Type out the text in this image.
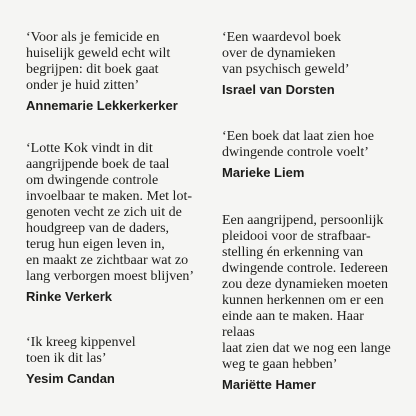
‘Voor als je femicide en
huiselijk geweld echt wilt
begrijpen: dit boek gaat
onder je huid zitten’

Annemarie Lekkerkerker

‘Lotte Kok vindt in dit
aangrijpende boek de taal
om dwingende controle
invoelbaar te maken. Met lot-
genoten vecht ze zich uit de
houdgreep van de daders,
terug hun eigen leven in,
en maakt ze zichtbaar wat zo
lang verborgen moest blijven’

Rinke Verkerk

‘Ik kreeg kippenvel
toen ik dit las’

Yesim Candan

‘Een waardevol boek
over de dynamieken
van psychisch geweld’

Israel van Dorsten

‘Een boek dat laat zien hoe
dwingende controle voelt’

Marieke Liem

Een aangrijpend, persoonlijk
pleidooi voor de strafbaar-
stelling én erkenning van
dwingende controle. Iedereen
zou deze dynamieken moeten
kunnen herkennen om er een
einde aan te maken. Haar relaas
laat zien dat we nog een lange
weg te gaan hebben’

Mariëtte Hamer
